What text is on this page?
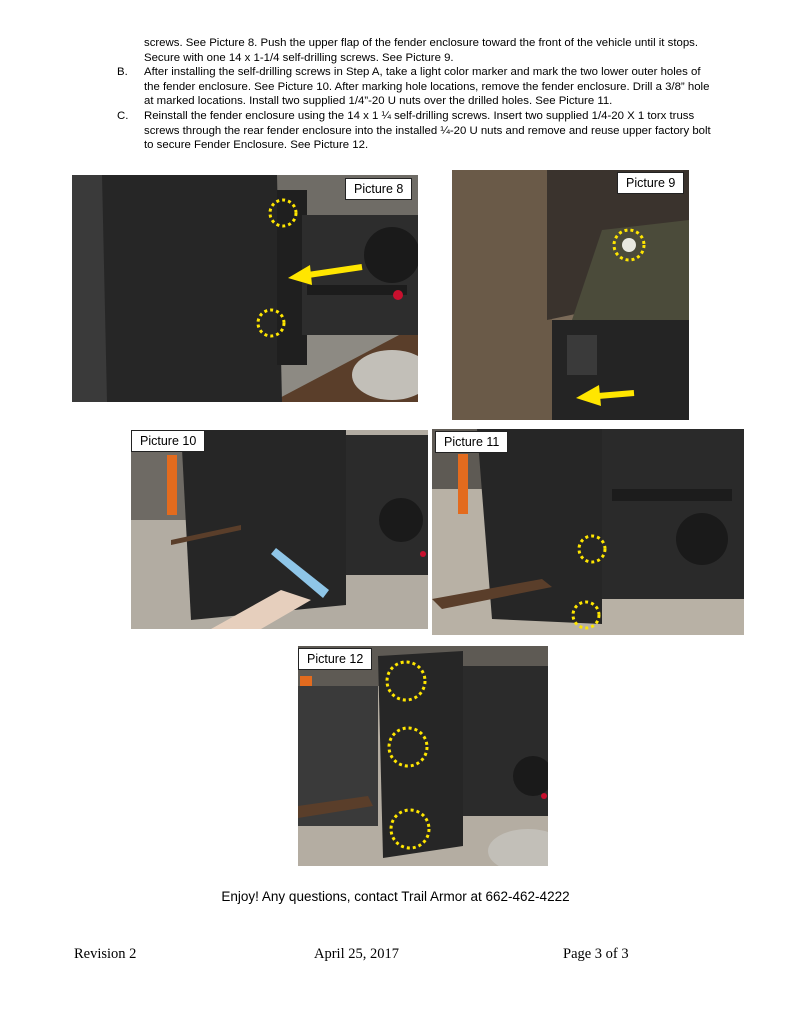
screws. See Picture 8. Push the upper flap of the fender enclosure toward the front of the vehicle until it stops. Secure with one 14 x 1-1/4 self-drilling screws. See Picture 9.

B.	After installing the self-drilling screws in Step A, take a light color marker and mark the two lower outer holes of the fender enclosure. See Picture 10. After marking hole locations, remove the fender enclosure. Drill a 3/8” hole at marked locations. Install two supplied 1/4”-20 U nuts over the drilled holes. See Picture 11.
C.	Reinstall the fender enclosure using the 14 x 1 ¼ self-drilling screws. Insert two supplied 1/4-20 X 1 torx truss screws through the rear fender enclosure into the installed ¼-20 U nuts and remove and reuse upper factory bolt to secure Fender Enclosure. See Picture 12.
Picture 8	Picture 9
Picture 10	Picture 11
Picture 12
Enjoy! Any questions, contact Trail Armor at 662-462-4222
Revision 2	April 25, 2017	Page 3 of 3
